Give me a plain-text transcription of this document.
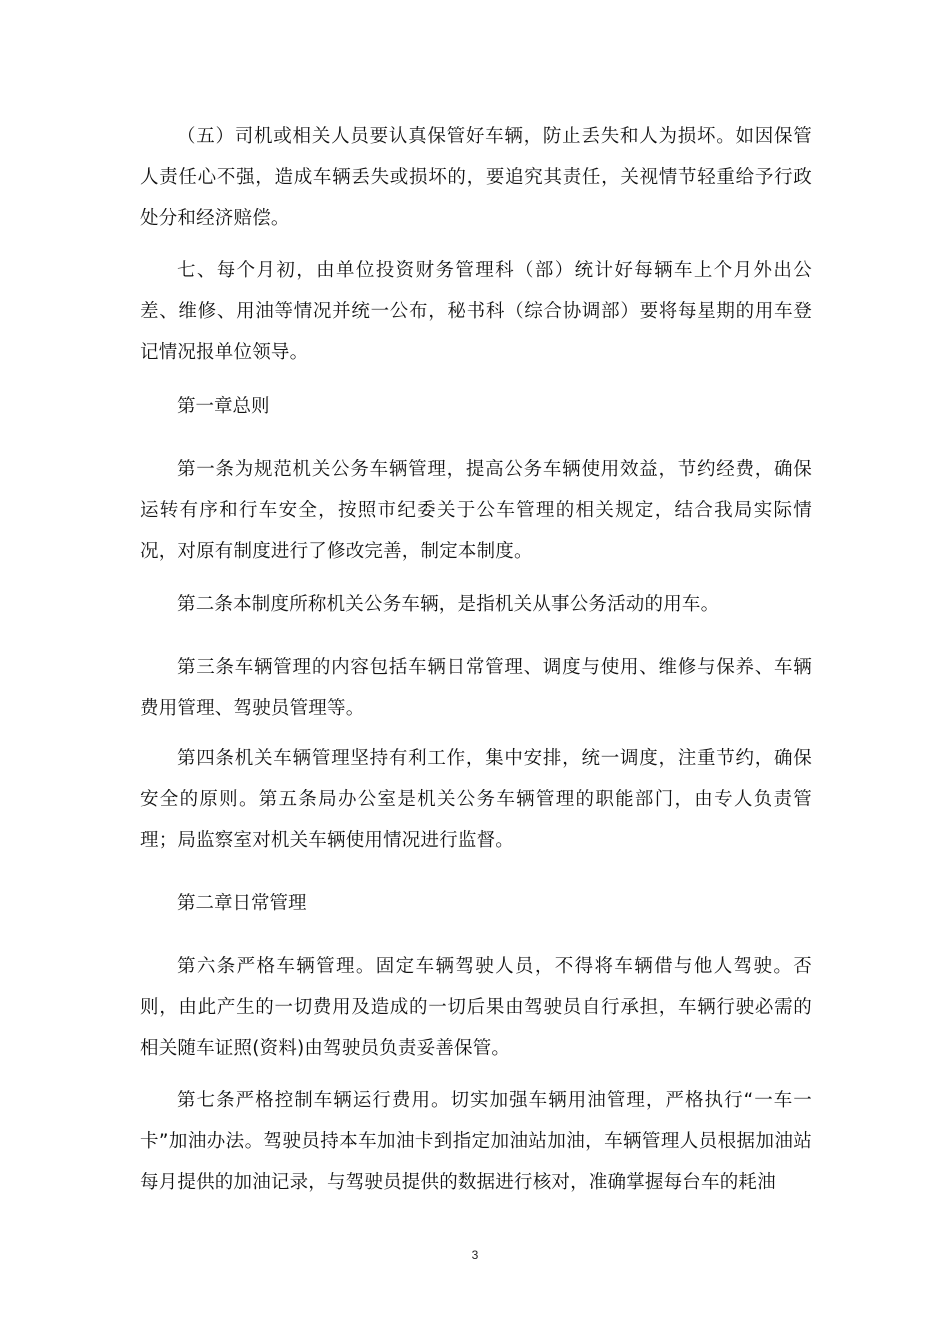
（五）司机或相关人员要认真保管好车辆，防止丢失和人为损坏。如因保管人责任心不强，造成车辆丢失或损坏的，要追究其责任，关视情节轻重给予行政处分和经济赔偿。

七、每个月初，由单位投资财务管理科（部）统计好每辆车上个月外出公差、维修、用油等情况并统一公布，秘书科（综合协调部）要将每星期的用车登记情况报单位领导。

第一章总则

第一条为规范机关公务车辆管理，提高公务车辆使用效益，节约经费，确保运转有序和行车安全，按照市纪委关于公车管理的相关规定，结合我局实际情况，对原有制度进行了修改完善，制定本制度。

第二条本制度所称机关公务车辆，是指机关从事公务活动的用车。

第三条车辆管理的内容包括车辆日常管理、调度与使用、维修与保养、车辆费用管理、驾驶员管理等。

第四条机关车辆管理坚持有利工作，集中安排，统一调度，注重节约，确保安全的原则。第五条局办公室是机关公务车辆管理的职能部门，由专人负责管理；局监察室对机关车辆使用情况进行监督。

第二章日常管理

第六条严格车辆管理。固定车辆驾驶人员，不得将车辆借与他人驾驶。否则，由此产生的一切费用及造成的一切后果由驾驶员自行承担，车辆行驶必需的相关随车证照(资料)由驾驶员负责妥善保管。

第七条严格控制车辆运行费用。切实加强车辆用油管理，严格执行“一车一卡”加油办法。驾驶员持本车加油卡到指定加油站加油，车辆管理人员根据加油站每月提供的加油记录，与驾驶员提供的数据进行核对，准确掌握每台车的耗油

3
